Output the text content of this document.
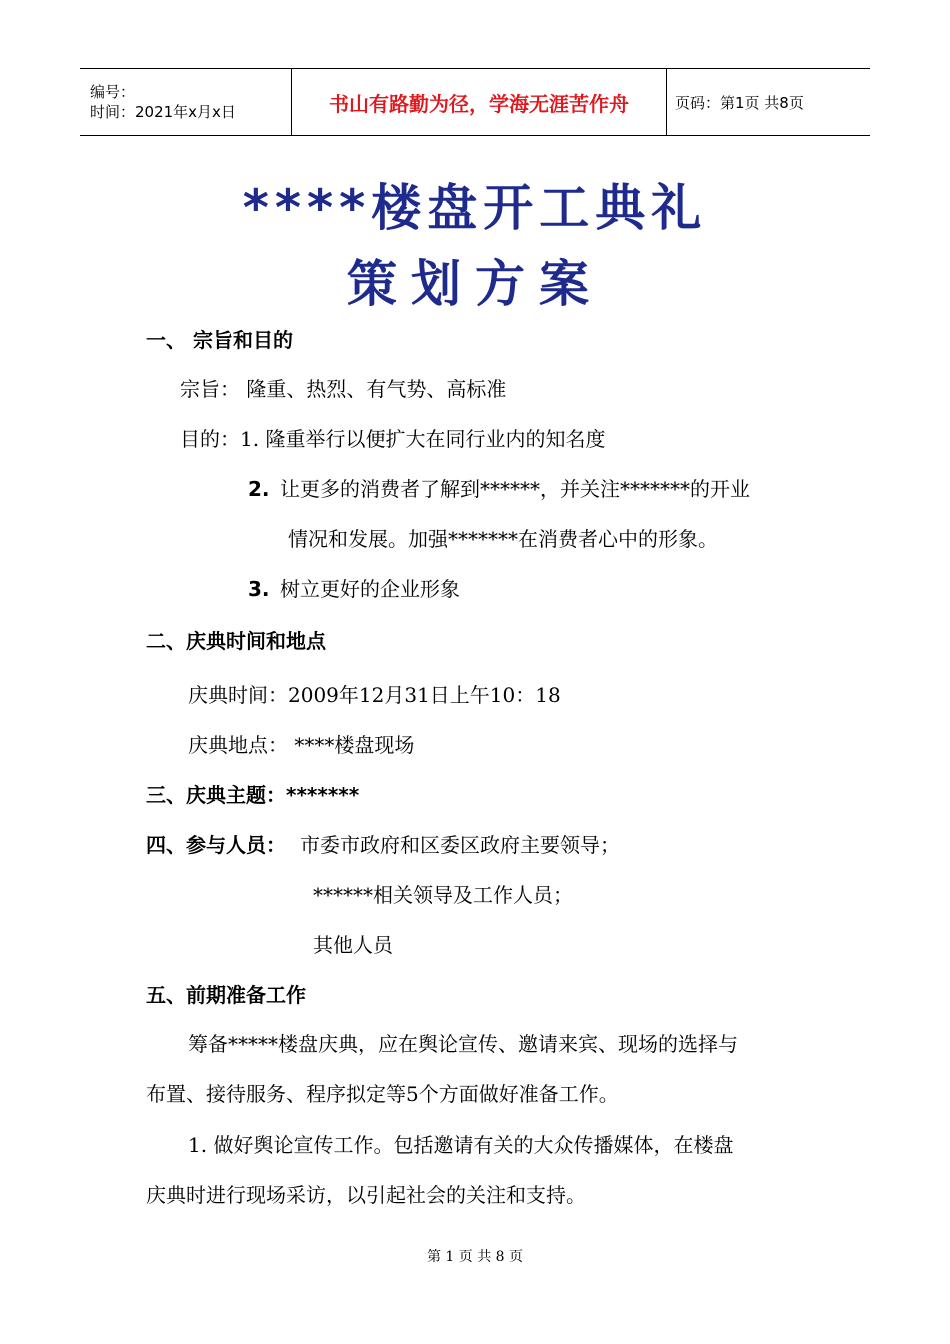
编号：
时间：2021年x月x日	书山有路勤为径，学海无涯苦作舟	页码：第1页 共8页
****楼盘开工典礼
策划方案
一、 宗旨和目的
宗旨： 隆重、热烈、有气势、高标准
目的：1. 隆重举行以便扩大在同行业内的知名度
2. 让更多的消费者了解到******，并关注*******的开业
情况和发展。加强*******在消费者心中的形象。
3. 树立更好的企业形象
二、庆典时间和地点
庆典时间：2009年12月31日上午10：18
庆典地点： ****楼盘现场
三、庆典主题：*******
四、参与人员： 市委市政府和区委区政府主要领导；
******相关领导及工作人员；
其他人员
五、前期准备工作
筹备*****楼盘庆典，应在舆论宣传、邀请来宾、现场的选择与
布置、接待服务、程序拟定等5个方面做好准备工作。
1. 做好舆论宣传工作。包括邀请有关的大众传播媒体，在楼盘
庆典时进行现场采访，以引起社会的关注和支持。
第 1 页 共 8 页
